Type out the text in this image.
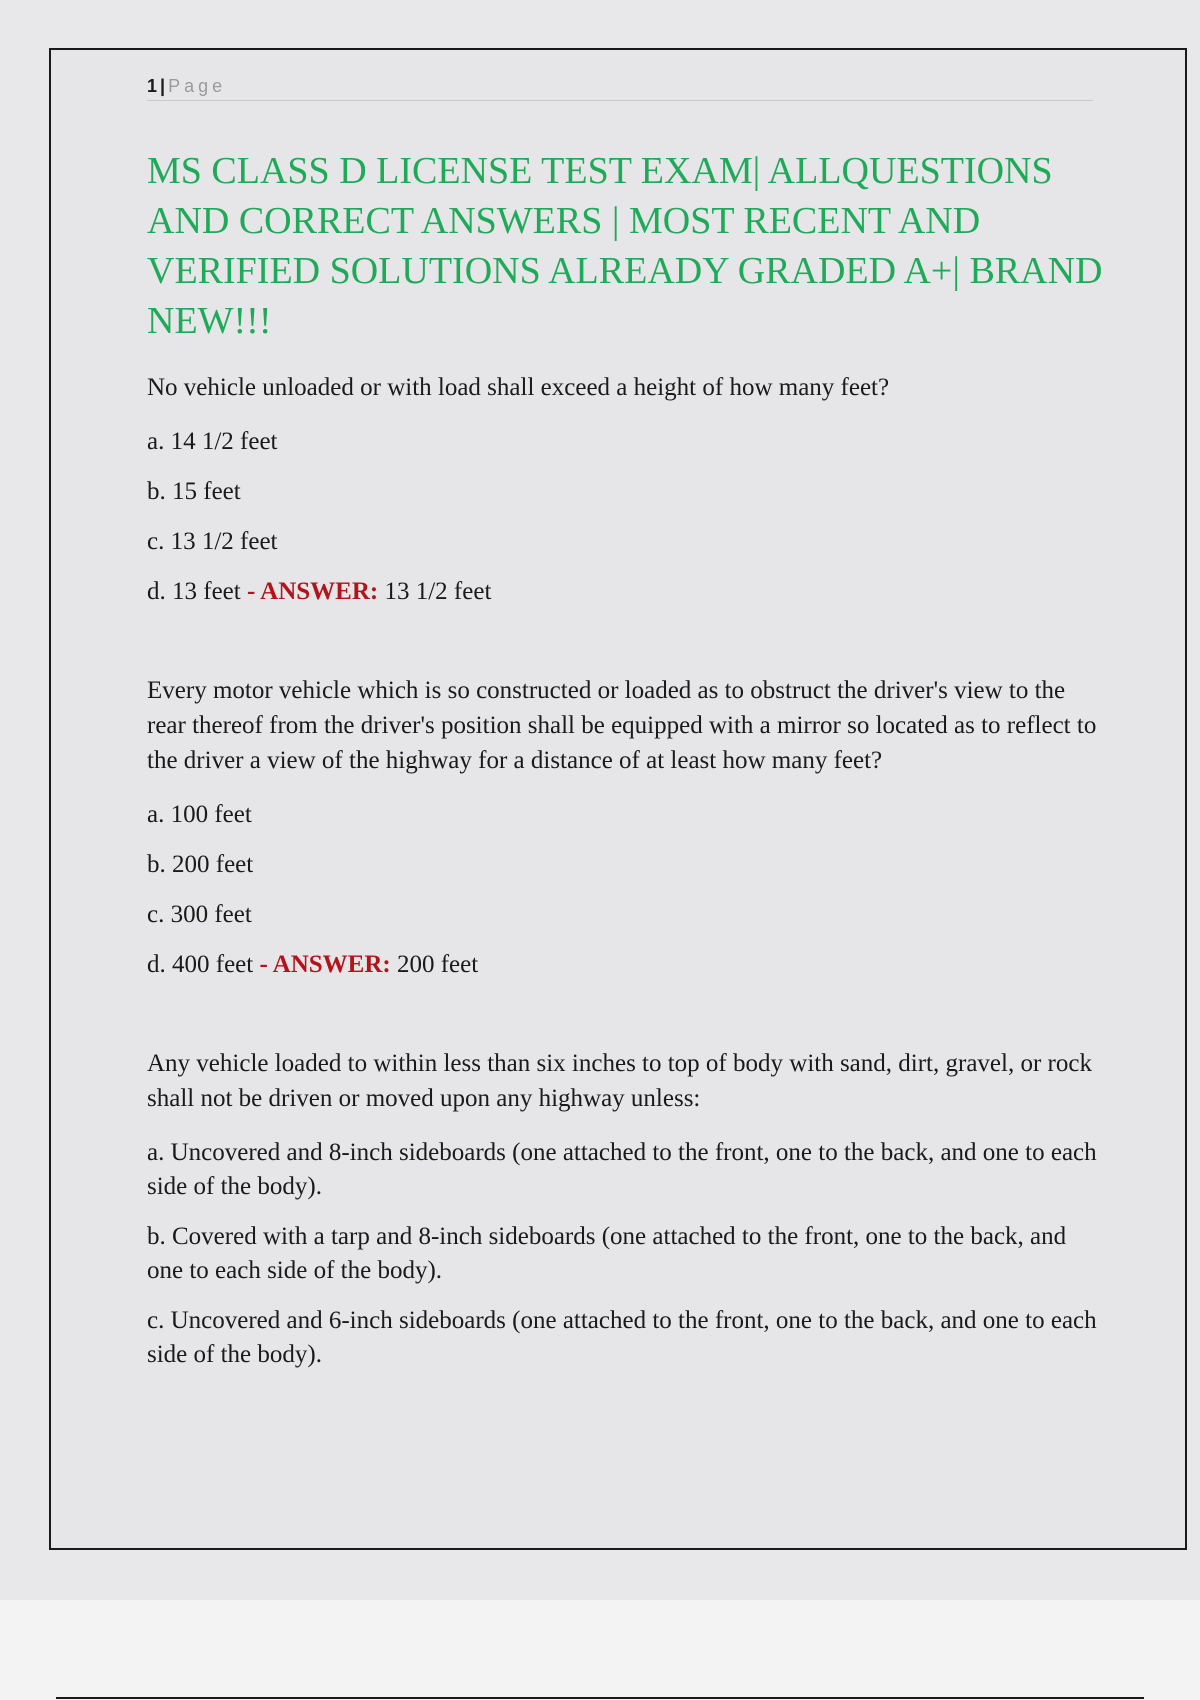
1 | Page
MS CLASS D LICENSE TEST EXAM| ALLQUESTIONS AND CORRECT ANSWERS | MOST RECENT AND VERIFIED SOLUTIONS ALREADY GRADED A+| BRAND NEW!!!

No vehicle unloaded or with load shall exceed a height of how many feet?

a. 14 1/2 feet

b. 15 feet

c. 13 1/2 feet

d. 13 feet - ANSWER: 13 1/2 feet

Every motor vehicle which is so constructed or loaded as to obstruct the driver's view to the rear thereof from the driver's position shall be equipped with a mirror so located as to reflect to the driver a view of the highway for a distance of at least how many feet?

a. 100 feet

b. 200 feet

c. 300 feet

d. 400 feet - ANSWER: 200 feet

Any vehicle loaded to within less than six inches to top of body with sand, dirt, gravel, or rock shall not be driven or moved upon any highway unless:

a. Uncovered and 8-inch sideboards (one attached to the front, one to the back, and one to each side of the body).

b. Covered with a tarp and 8-inch sideboards (one attached to the front, one to the back, and one to each side of the body).

c. Uncovered and 6-inch sideboards (one attached to the front, one to the back, and one to each side of the body).
